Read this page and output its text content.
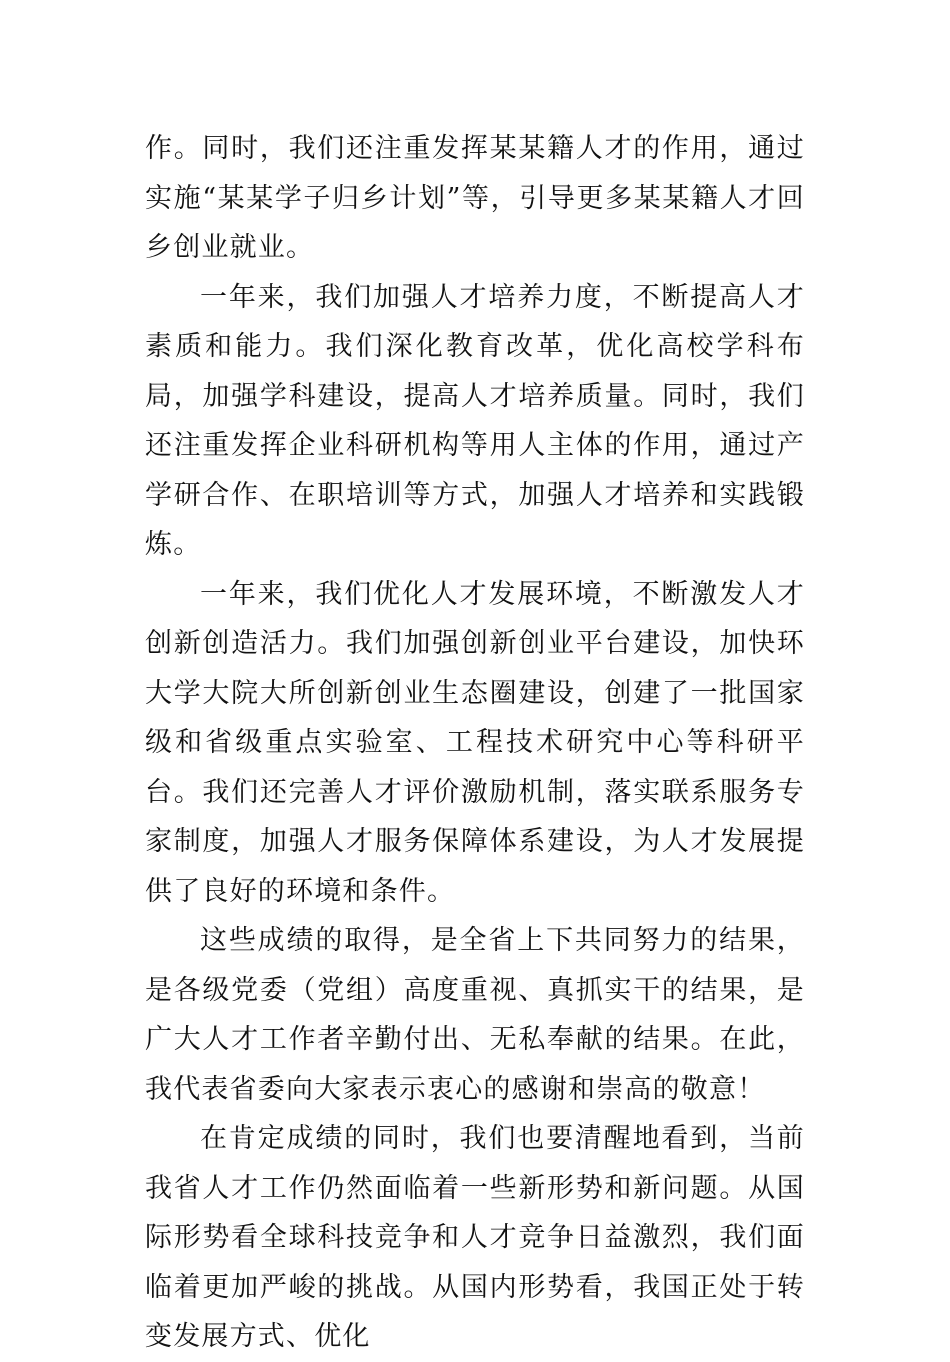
作。同时，我们还注重发挥某某籍人才的作用，通过实施“某某学子归乡计划”等，引导更多某某籍人才回乡创业就业。

一年来，我们加强人才培养力度，不断提高人才素质和能力。我们深化教育改革，优化高校学科布局，加强学科建设，提高人才培养质量。同时，我们还注重发挥企业科研机构等用人主体的作用，通过产学研合作、在职培训等方式，加强人才培养和实践锻炼。

一年来，我们优化人才发展环境，不断激发人才创新创造活力。我们加强创新创业平台建设，加快环大学大院大所创新创业生态圈建设，创建了一批国家级和省级重点实验室、工程技术研究中心等科研平台。我们还完善人才评价激励机制，落实联系服务专家制度，加强人才服务保障体系建设，为人才发展提供了良好的环境和条件。

这些成绩的取得，是全省上下共同努力的结果，是各级党委（党组）高度重视、真抓实干的结果，是广大人才工作者辛勤付出、无私奉献的结果。在此，我代表省委向大家表示衷心的感谢和崇高的敬意！

在肯定成绩的同时，我们也要清醒地看到，当前我省人才工作仍然面临着一些新形势和新问题。从国际形势看全球科技竞争和人才竞争日益激烈，我们面临着更加严峻的挑战。从国内形势看，我国正处于转变发展方式、优化
